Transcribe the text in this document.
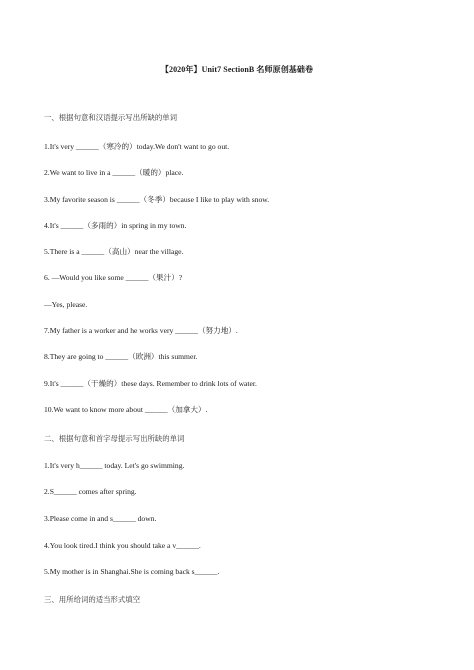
【2020年】Unit7 SectionB 名师原创基础卷
一、根据句意和汉语提示写出所缺的单词
1.It's very ______（寒冷的）today.We don't want to go out.
2.We want to live in a ______（暖的）place.
3.My favorite season is ______（冬季）because I like to play with snow.
4.It's ______（多雨的）in spring in my town.
5.There is a ______（高山）near the village.
6. —Would you like some ______（果汁）?
—Yes, please.
7.My father is a worker and he works very ______（努力地）.
8.They are going to ______（欧洲）this summer.
9.It's ______（干燥的）these days. Remember to drink lots of water.
10.We want to know more about ______（加拿大）.
二、根据句意和首字母提示写出所缺的单词
1.It's very h______ today. Let's go swimming.
2.S______ comes after spring.
3.Please come in and s______ down.
4.You look tired.I think you should take a v______.
5.My mother is in Shanghai.She is coming back s______.
三、用所给词的适当形式填空
